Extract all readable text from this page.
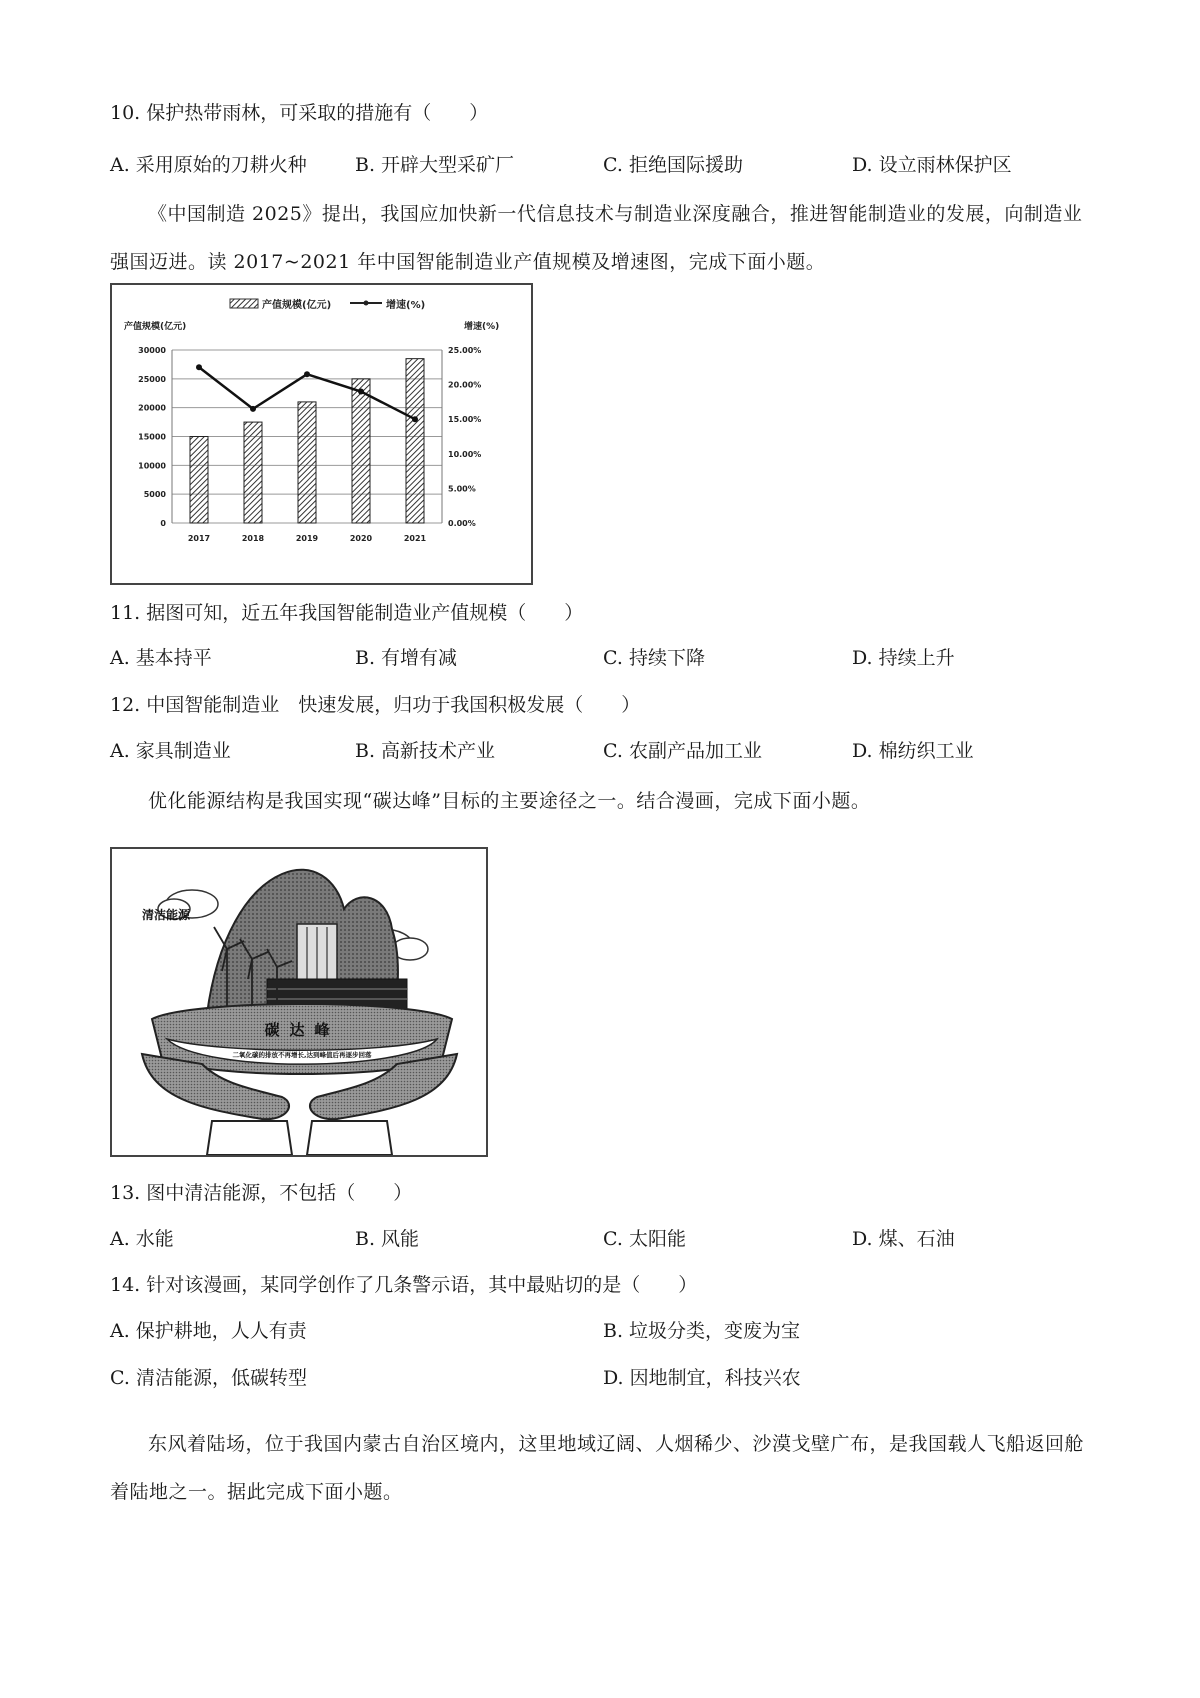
10. 保护热带雨林，可采取的措施有（　　）
A. 采用原始的刀耕火种	B. 开辟大型采矿厂	C. 拒绝国际援助	D. 设立雨林保护区
《中国制造 2025》提出，我国应加快新一代信息技术与制造业深度融合，推进智能制造业的发展，向制造业强国迈进。读 2017~2021 年中国智能制造业产值规模及增速图，完成下面小题。
产值规模(亿元)	增速(%)
产值规模(亿元)	增速(%)
0
5000
10000
15000
20000
25000
30000
0.00%
5.00%
10.00%
15.00%
20.00%
25.00%
2017	2018	2019	2020	2021
11. 据图可知，近五年我国智能制造业产值规模（　　）
A. 基本持平	B. 有增有减	C. 持续下降	D. 持续上升
12. 中国智能制造业　快速发展，归功于我国积极发展（　　）
A. 家具制造业	B. 高新技术产业	C. 农副产品加工业	D. 棉纺织工业
优化能源结构是我国实现“碳达峰”目标的主要途径之一。结合漫画，完成下面小题。
清洁能源
碳达峰
二氧化碳的排放不再增长,达到峰值后再逐步回落
13. 图中清洁能源，不包括（　　）
A. 水能	B. 风能	C. 太阳能	D. 煤、石油
14. 针对该漫画，某同学创作了几条警示语，其中最贴切的是（　　）
A. 保护耕地，人人有责	B. 垃圾分类，变废为宝
C. 清洁能源，低碳转型	D. 因地制宜，科技兴农
东风着陆场，位于我国内蒙古自治区境内，这里地域辽阔、人烟稀少、沙漠戈壁广布，是我国载人飞船返回舱着陆地之一。据此完成下面小题。
